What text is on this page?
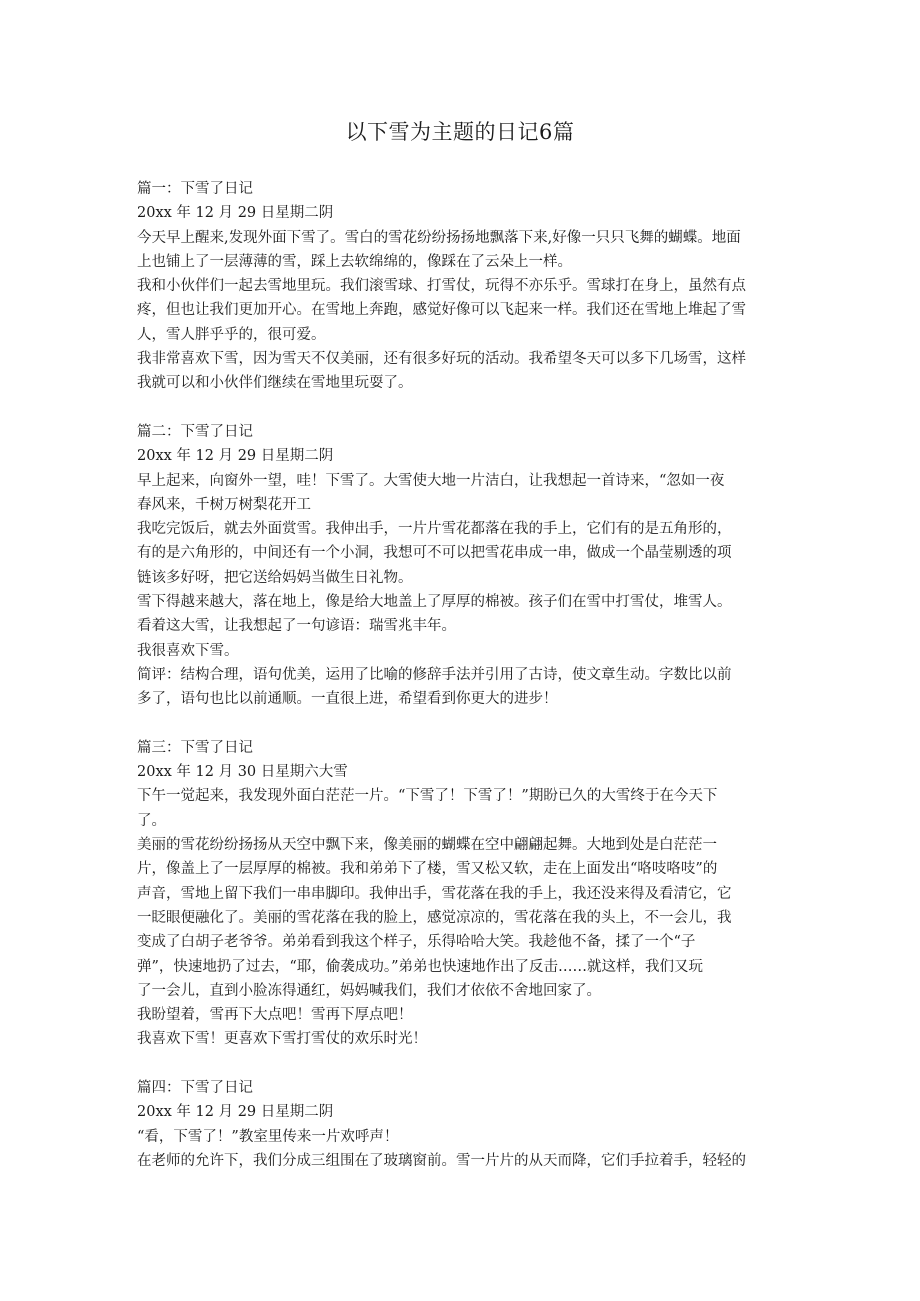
以下雪为主题的日记6篇
篇一：下雪了日记
20xx 年 12 月 29 日星期二阴
今天早上醒来,发现外面下雪了。雪白的雪花纷纷扬扬地飘落下来,好像一只只飞舞的蝴蝶。地面
上也铺上了一层薄薄的雪，踩上去软绵绵的，像踩在了云朵上一样。
我和小伙伴们一起去雪地里玩。我们滚雪球、打雪仗，玩得不亦乐乎。雪球打在身上，虽然有点
疼，但也让我们更加开心。在雪地上奔跑，感觉好像可以飞起来一样。我们还在雪地上堆起了雪
人，雪人胖乎乎的，很可爱。
我非常喜欢下雪，因为雪天不仅美丽，还有很多好玩的活动。我希望冬天可以多下几场雪，这样
我就可以和小伙伴们继续在雪地里玩耍了。
篇二：下雪了日记
20xx 年 12 月 29 日星期二阴
早上起来，向窗外一望，哇！下雪了。大雪使大地一片洁白，让我想起一首诗来，“忽如一夜
春风来，千树万树梨花开工
我吃完饭后，就去外面赏雪。我伸出手，一片片雪花都落在我的手上，它们有的是五角形的，
有的是六角形的，中间还有一个小洞，我想可不可以把雪花串成一串，做成一个晶莹剔透的项
链该多好呀，把它送给妈妈当做生日礼物。
雪下得越来越大，落在地上，像是给大地盖上了厚厚的棉被。孩子们在雪中打雪仗，堆雪人。
看着这大雪，让我想起了一句谚语：瑞雪兆丰年。
我很喜欢下雪。
简评：结构合理，语句优美，运用了比喻的修辞手法并引用了古诗，使文章生动。字数比以前
多了，语句也比以前通顺。一直很上进，希望看到你更大的进步！
篇三：下雪了日记
20xx 年 12 月 30 日星期六大雪
下午一觉起来，我发现外面白茫茫一片。“下雪了！下雪了！”期盼已久的大雪终于在今天下
了。
美丽的雪花纷纷扬扬从天空中飘下来，像美丽的蝴蝶在空中翩翩起舞。大地到处是白茫茫一
片，像盖上了一层厚厚的棉被。我和弟弟下了楼，雪又松又软，走在上面发出“咯吱咯吱”的
声音，雪地上留下我们一串串脚印。我伸出手，雪花落在我的手上，我还没来得及看清它，它
一眨眼便融化了。美丽的雪花落在我的脸上，感觉凉凉的，雪花落在我的头上，不一会儿，我
变成了白胡子老爷爷。弟弟看到我这个样子，乐得哈哈大笑。我趁他不备，揉了一个“子
弹”，快速地扔了过去，“耶，偷袭成功。”弟弟也快速地作出了反击……就这样，我们又玩
了一会儿，直到小脸冻得通红，妈妈喊我们，我们才依依不舍地回家了。
我盼望着，雪再下大点吧！雪再下厚点吧！
我喜欢下雪！更喜欢下雪打雪仗的欢乐时光！
篇四：下雪了日记
20xx 年 12 月 29 日星期二阴
“看，下雪了！”教室里传来一片欢呼声！
在老师的允许下，我们分成三组围在了玻璃窗前。雪一片片的从天而降，它们手拉着手，轻轻的
